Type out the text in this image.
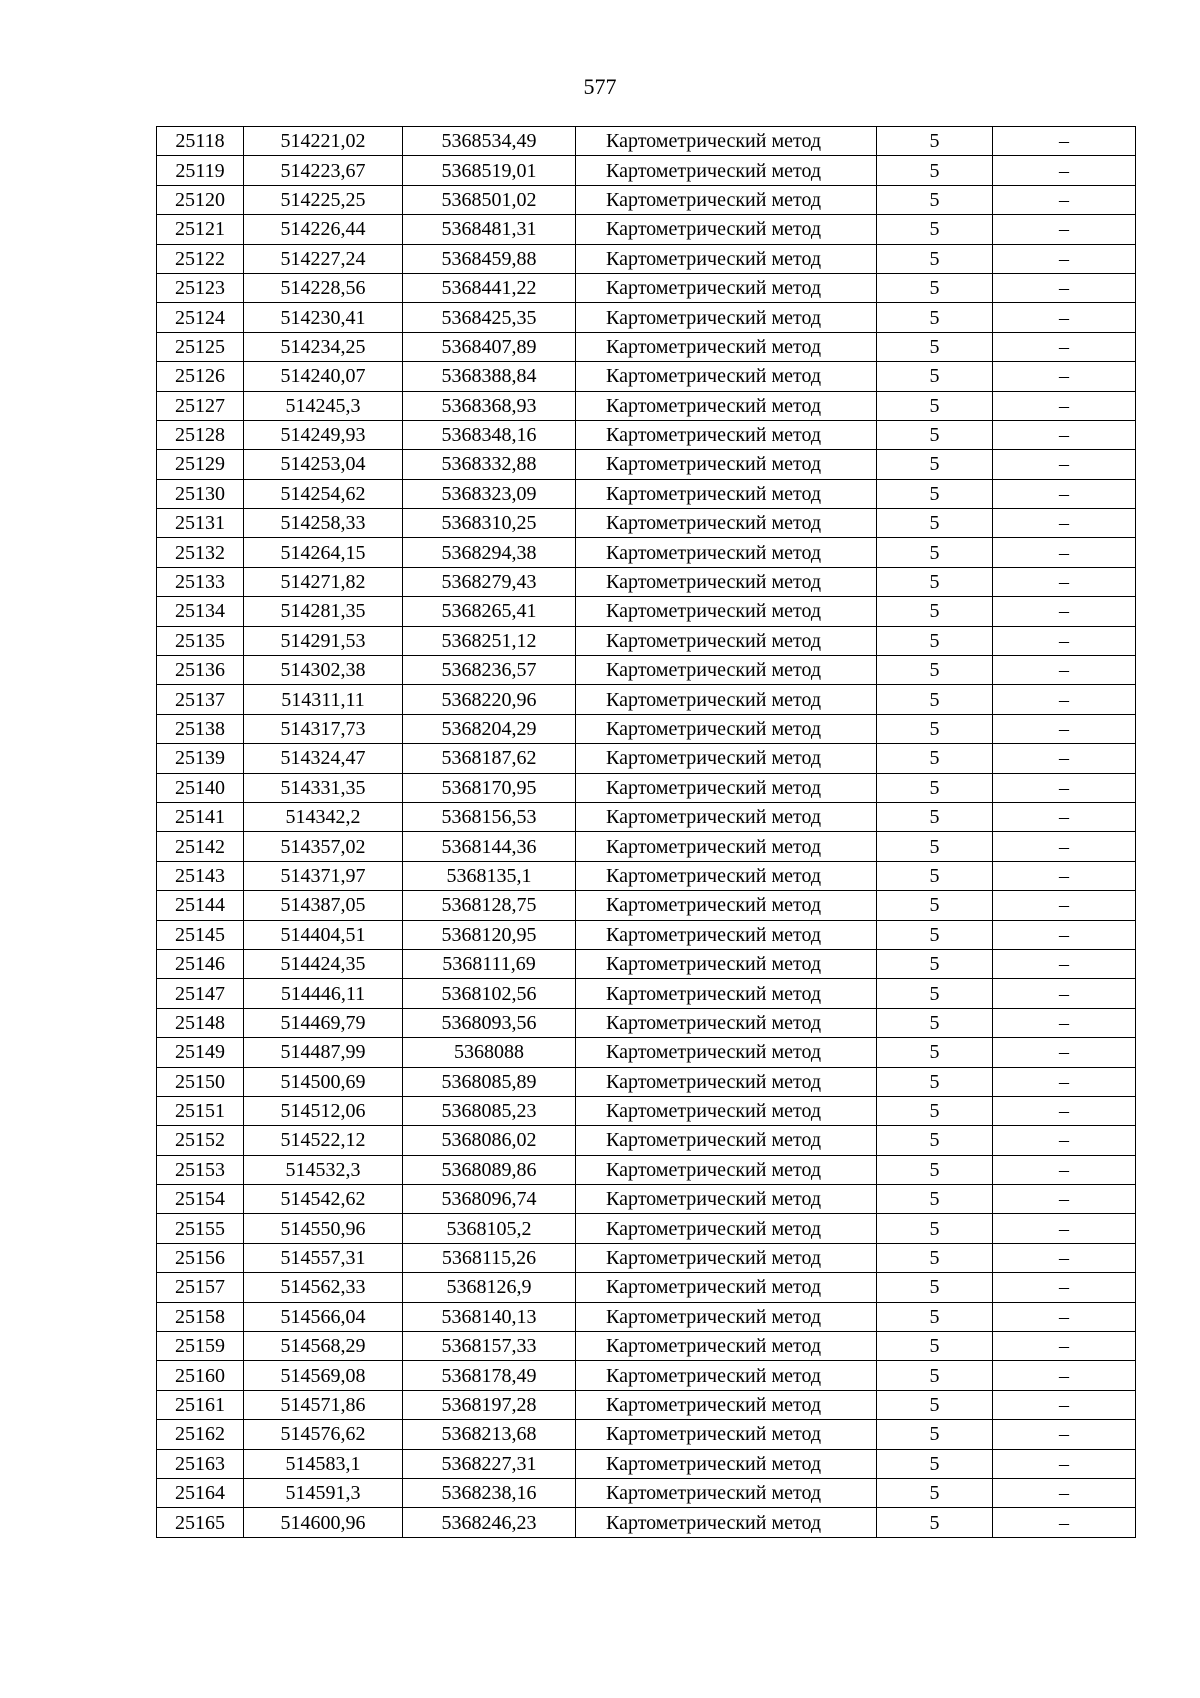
577
25118	514221,02	5368534,49	Картометрический метод	5	–
25119	514223,67	5368519,01	Картометрический метод	5	–
25120	514225,25	5368501,02	Картометрический метод	5	–
25121	514226,44	5368481,31	Картометрический метод	5	–
25122	514227,24	5368459,88	Картометрический метод	5	–
25123	514228,56	5368441,22	Картометрический метод	5	–
25124	514230,41	5368425,35	Картометрический метод	5	–
25125	514234,25	5368407,89	Картометрический метод	5	–
25126	514240,07	5368388,84	Картометрический метод	5	–
25127	514245,3	5368368,93	Картометрический метод	5	–
25128	514249,93	5368348,16	Картометрический метод	5	–
25129	514253,04	5368332,88	Картометрический метод	5	–
25130	514254,62	5368323,09	Картометрический метод	5	–
25131	514258,33	5368310,25	Картометрический метод	5	–
25132	514264,15	5368294,38	Картометрический метод	5	–
25133	514271,82	5368279,43	Картометрический метод	5	–
25134	514281,35	5368265,41	Картометрический метод	5	–
25135	514291,53	5368251,12	Картометрический метод	5	–
25136	514302,38	5368236,57	Картометрический метод	5	–
25137	514311,11	5368220,96	Картометрический метод	5	–
25138	514317,73	5368204,29	Картометрический метод	5	–
25139	514324,47	5368187,62	Картометрический метод	5	–
25140	514331,35	5368170,95	Картометрический метод	5	–
25141	514342,2	5368156,53	Картометрический метод	5	–
25142	514357,02	5368144,36	Картометрический метод	5	–
25143	514371,97	5368135,1	Картометрический метод	5	–
25144	514387,05	5368128,75	Картометрический метод	5	–
25145	514404,51	5368120,95	Картометрический метод	5	–
25146	514424,35	5368111,69	Картометрический метод	5	–
25147	514446,11	5368102,56	Картометрический метод	5	–
25148	514469,79	5368093,56	Картометрический метод	5	–
25149	514487,99	5368088	Картометрический метод	5	–
25150	514500,69	5368085,89	Картометрический метод	5	–
25151	514512,06	5368085,23	Картометрический метод	5	–
25152	514522,12	5368086,02	Картометрический метод	5	–
25153	514532,3	5368089,86	Картометрический метод	5	–
25154	514542,62	5368096,74	Картометрический метод	5	–
25155	514550,96	5368105,2	Картометрический метод	5	–
25156	514557,31	5368115,26	Картометрический метод	5	–
25157	514562,33	5368126,9	Картометрический метод	5	–
25158	514566,04	5368140,13	Картометрический метод	5	–
25159	514568,29	5368157,33	Картометрический метод	5	–
25160	514569,08	5368178,49	Картометрический метод	5	–
25161	514571,86	5368197,28	Картометрический метод	5	–
25162	514576,62	5368213,68	Картометрический метод	5	–
25163	514583,1	5368227,31	Картометрический метод	5	–
25164	514591,3	5368238,16	Картометрический метод	5	–
25165	514600,96	5368246,23	Картометрический метод	5	–
